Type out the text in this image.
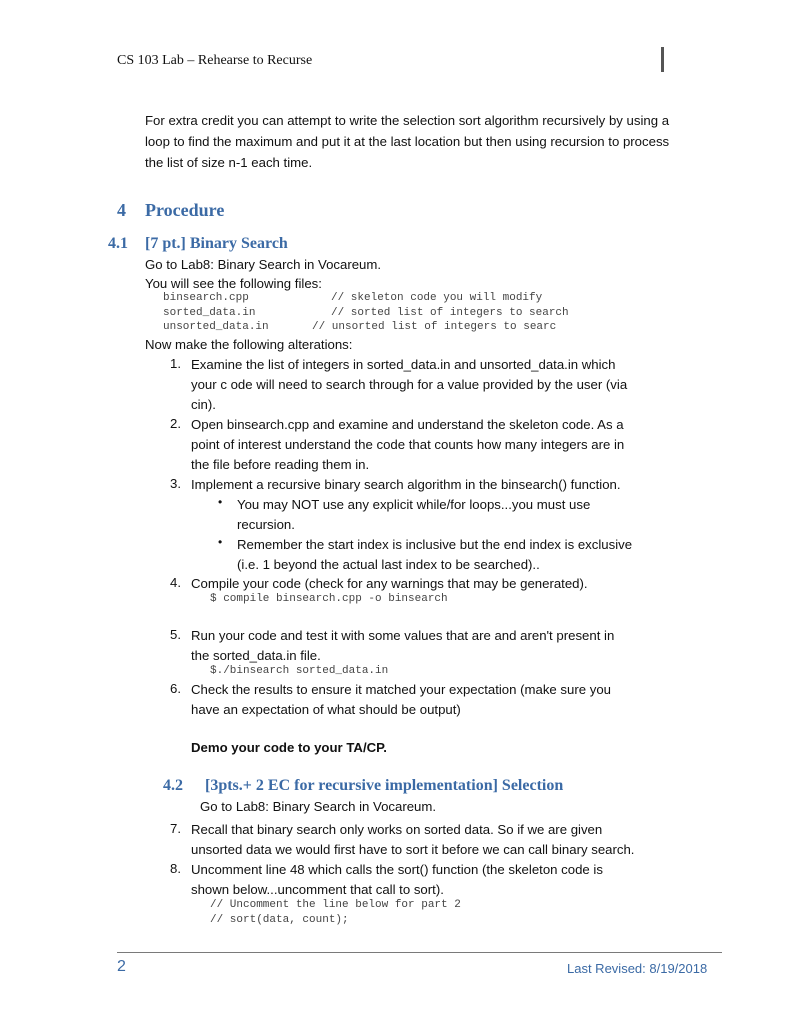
CS 103 Lab – Rehearse to Recurse
For extra credit you can attempt to write the selection sort algorithm recursively by using a loop to find the maximum and put it at the last location but then using recursion to process the list of size n-1 each time.
4 Procedure
4.1 [7 pt.] Binary Search
Go to Lab8: Binary Search in Vocareum.
You will see the following files:
binsearch.cpp	// skeleton code you will modify
sorted_data.in	// sorted list of integers to search
unsorted_data.in	// unsorted list of integers to searc
Now make the following alterations:
1. Examine the list of integers in sorted_data.in and unsorted_data.in which
your c ode will need to search through for a value provided by the user (via
cin).
2. Open binsearch.cpp and examine and understand the skeleton code. As a
point of interest understand the code that counts how many integers are in
the file before reading them in.
3. Implement a recursive binary search algorithm in the binsearch() function.
• You may NOT use any explicit while/for loops...you must use
recursion.
• Remember the start index is inclusive but the end index is exclusive
(i.e. 1 beyond the actual last index to be searched)..
4. Compile your code (check for any warnings that may be generated).
$ compile binsearch.cpp -o binsearch
5. Run your code and test it with some values that are and aren't present in
the sorted_data.in file.
$./binsearch sorted_data.in
6. Check the results to ensure it matched your expectation (make sure you
have an expectation of what should be output)
Demo your code to your TA/CP.
4.2 [3pts.+ 2 EC for recursive implementation] Selection
Go to Lab8: Binary Search in Vocareum.
7. Recall that binary search only works on sorted data. So if we are given
unsorted data we would first have to sort it before we can call binary search.
8. Uncomment line 48 which calls the sort() function (the skeleton code is
shown below...uncomment that call to sort).
// Uncomment the line below for part 2
// sort(data, count);
2	Last Revised: 8/19/2018
